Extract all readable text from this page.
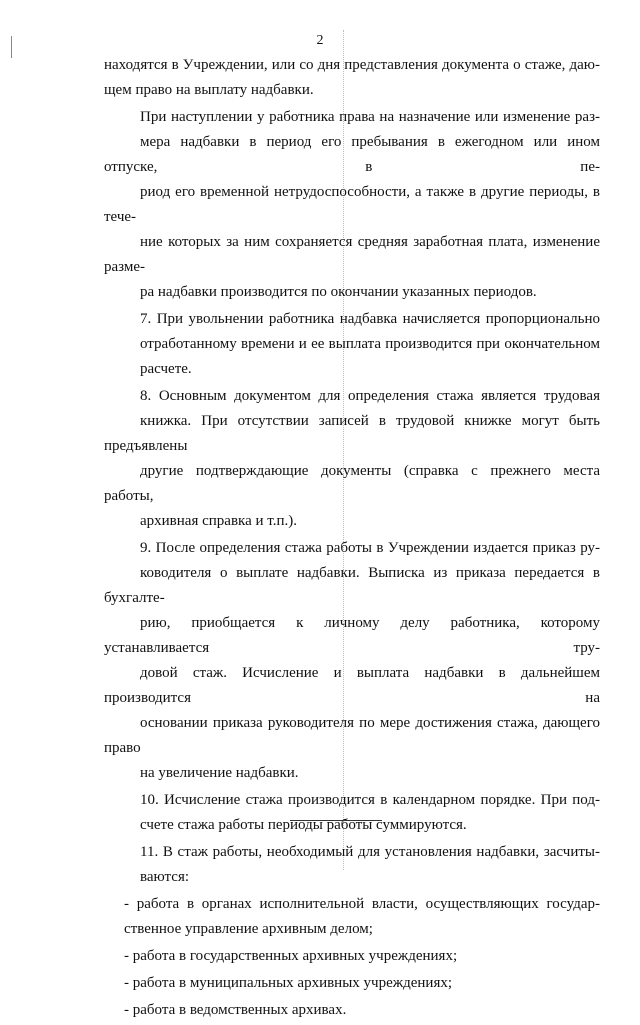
2

находятся в Учреждении, или со дня представления документа о стаже, даю-
щем право на выплату надбавки.

При наступлении у работника права на назначение или изменение раз-
мера надбавки в период его пребывания в ежегодном или ином отпуске, в пе-
риод его временной нетрудоспособности, а также в другие периоды, в тече-
ние которых за ним сохраняется средняя заработная плата, изменение разме-
ра надбавки производится по окончании указанных периодов.

7. При увольнении работника надбавка начисляется пропорционально
отработанному времени и ее выплата производится при окончательном
расчете.

8. Основным документом для определения стажа является трудовая
книжка. При отсутствии записей в трудовой книжке могут быть предъявлены
другие подтверждающие документы (справка с прежнего места работы,
архивная справка и т.п.).

9. После определения стажа работы в Учреждении издается приказ ру-
ководителя о выплате надбавки. Выписка из приказа передается в бухгалте-
рию, приобщается к личному делу работника, которому устанавливается тру-
довой стаж. Исчисление и выплата надбавки в дальнейшем производится на
основании приказа руководителя по мере достижения стажа, дающего право
на увеличение надбавки.

10. Исчисление стажа производится в календарном порядке. При под-
счете стажа работы периоды работы суммируются.

11. В стаж работы, необходимый для установления надбавки, засчиты-
ваются:

- работа в органах исполнительной власти, осуществляющих государ-
ственное управление архивным делом;
- работа в государственных архивных учреждениях;
- работа в муниципальных архивных учреждениях;
- работа в ведомственных архивах.
